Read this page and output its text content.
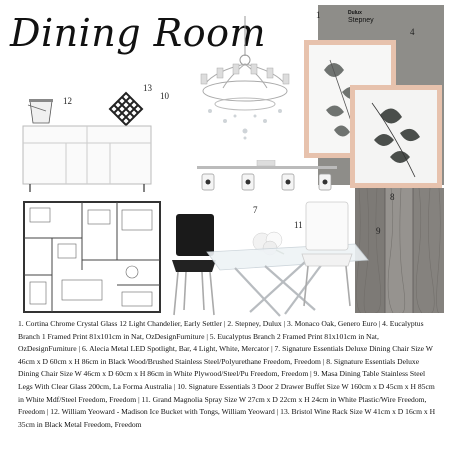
Dining Room	Dulux
Stepney
1
4
12
13
10
8
7
11
9
1. Cortina Chrome Crystal Glass 12 Light Chandelier, Early Settler | 2. Stepney, Dulux | 3. Monaco Oak, Genero Euro | 4. Eucalyptus Branch 1 Framed Print 81x101cm in Nat, OzDesignFurniture | 5. Eucalyptus Branch 2 Framed Print 81x101cm in Nat, OzDesignFurniture | 6. Alecia Metal LED Spotlight, Bar, 4 Light, White, Mercator | 7. Signature Essentials Deluxe Dining Chair Size W 46cm x D 60cm x H 86cm in Black Wood/Brushed Stainless Steel/Polyurethane Freedom, Freedom | 8. Signature Essentials Deluxe Dining Chair Size W 46cm x D 60cm x H 86cm in White Plywood/Steel/Pu Freedom, Freedom | 9. Masa Dining Table Stainless Steel Legs With Clear Glass 200cm, La Forma Australia | 10. Signature Essentials 3 Door 2 Drawer Buffet Size W 160cm x D 45cm x H 85cm in White Mdf/Steel Freedom, Freedom | 11. Grand Magnolia Spray Size W 27cm x D 22cm x H 24cm in White Plastic/Wire Freedom, Freedom | 12. William Yeoward - Madison Ice Bucket with Tongs, William Yeoward | 13. Bristol Wine Rack Size W 41cm x D 16cm x H 35cm in Black Metal Freedom, Freedom
